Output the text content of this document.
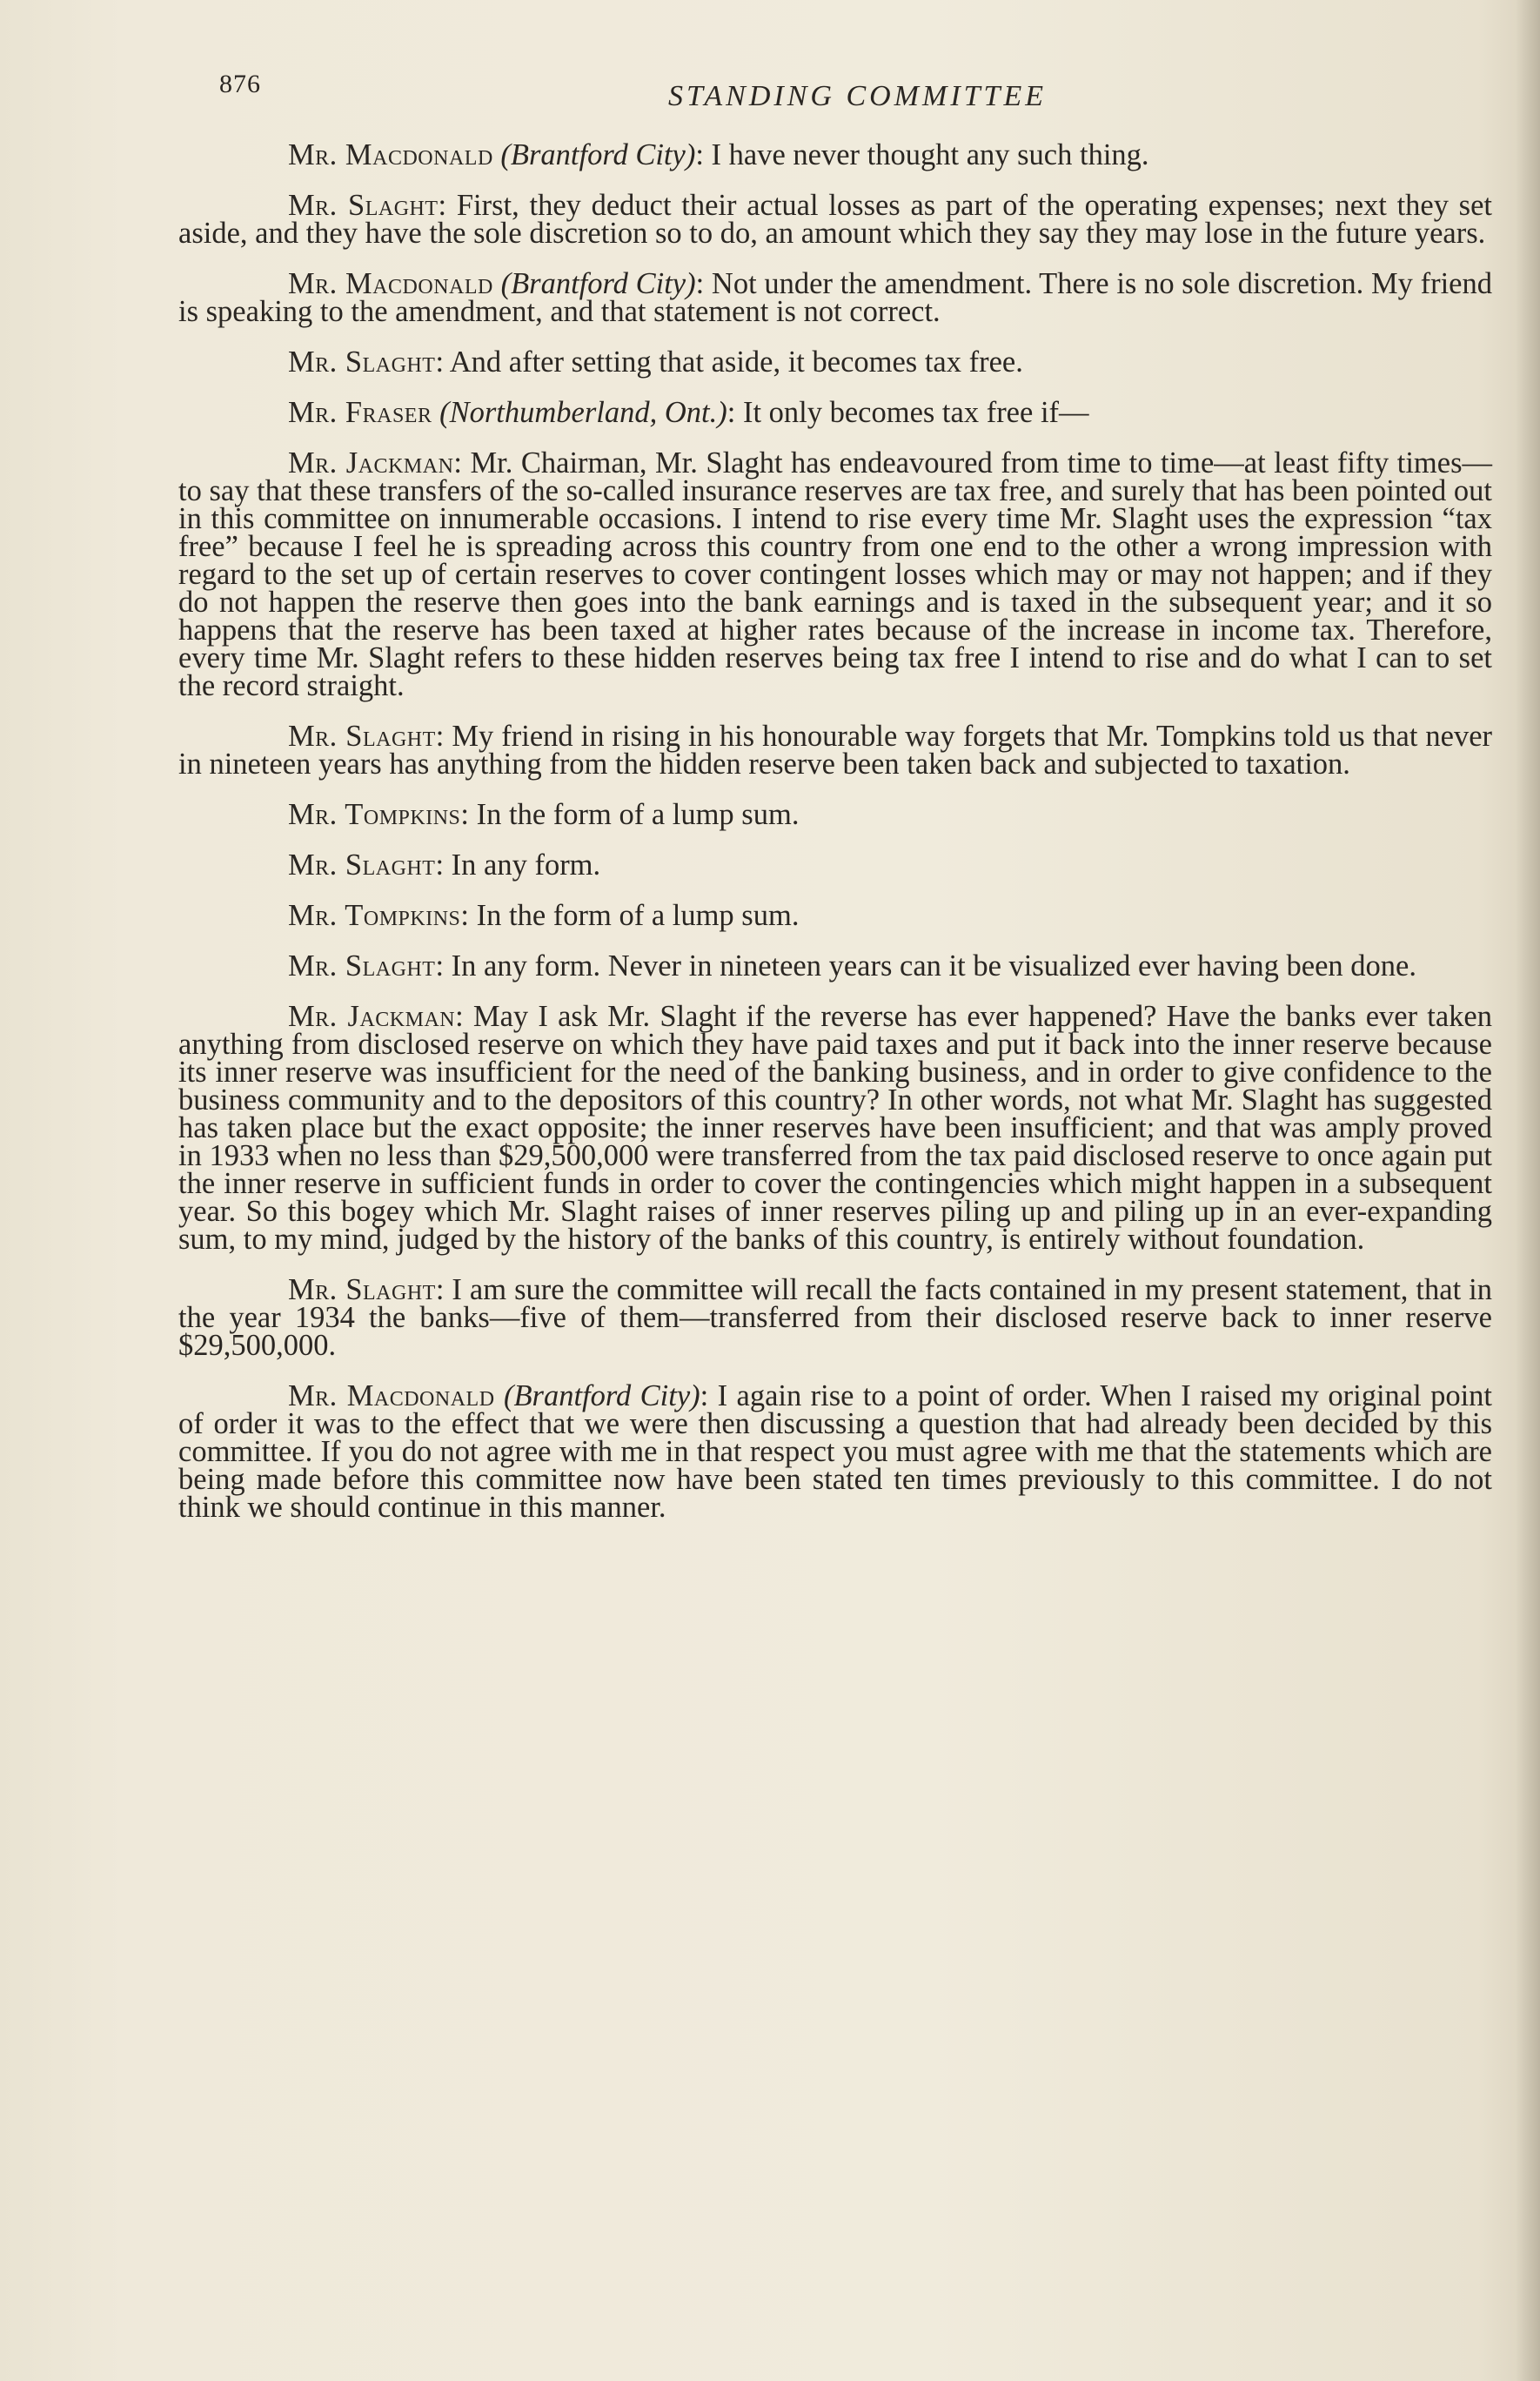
876	STANDING COMMITTEE

Mr. Macdonald (Brantford City): I have never thought any such thing.

Mr. Slaght: First, they deduct their actual losses as part of the operating expenses; next they set aside, and they have the sole discretion so to do, an amount which they say they may lose in the future years.

Mr. Macdonald (Brantford City): Not under the amendment. There is no sole discretion. My friend is speaking to the amendment, and that statement is not correct.

Mr. Slaght: And after setting that aside, it becomes tax free.

Mr. Fraser (Northumberland, Ont.): It only becomes tax free if—

Mr. Jackman: Mr. Chairman, Mr. Slaght has endeavoured from time to time—at least fifty times—to say that these transfers of the so-called insurance reserves are tax free, and surely that has been pointed out in this committee on innumerable occasions. I intend to rise every time Mr. Slaght uses the expression “tax free” because I feel he is spreading across this country from one end to the other a wrong impression with regard to the set up of certain reserves to cover contingent losses which may or may not happen; and if they do not happen the reserve then goes into the bank earnings and is taxed in the subsequent year; and it so happens that the reserve has been taxed at higher rates because of the increase in income tax. Therefore, every time Mr. Slaght refers to these hidden reserves being tax free I intend to rise and do what I can to set the record straight.

Mr. Slaght: My friend in rising in his honourable way forgets that Mr. Tompkins told us that never in nineteen years has anything from the hidden reserve been taken back and subjected to taxation.

Mr. Tompkins: In the form of a lump sum.

Mr. Slaght: In any form.

Mr. Tompkins: In the form of a lump sum.

Mr. Slaght: In any form. Never in nineteen years can it be visualized ever having been done.

Mr. Jackman: May I ask Mr. Slaght if the reverse has ever happened? Have the banks ever taken anything from disclosed reserve on which they have paid taxes and put it back into the inner reserve because its inner reserve was insufficient for the need of the banking business, and in order to give confidence to the business community and to the depositors of this country? In other words, not what Mr. Slaght has suggested has taken place but the exact opposite; the inner reserves have been insufficient; and that was amply proved in 1933 when no less than $29,500,000 were transferred from the tax paid disclosed reserve to once again put the inner reserve in sufficient funds in order to cover the contingencies which might happen in a subsequent year. So this bogey which Mr. Slaght raises of inner reserves piling up and piling up in an ever-expanding sum, to my mind, judged by the history of the banks of this country, is entirely without foundation.

Mr. Slaght: I am sure the committee will recall the facts contained in my present statement, that in the year 1934 the banks—five of them—transferred from their disclosed reserve back to inner reserve $29,500,000.

Mr. Macdonald (Brantford City): I again rise to a point of order. When I raised my original point of order it was to the effect that we were then discussing a question that had already been decided by this committee. If you do not agree with me in that respect you must agree with me that the statements which are being made before this committee now have been stated ten times previously to this committee. I do not think we should continue in this manner.
